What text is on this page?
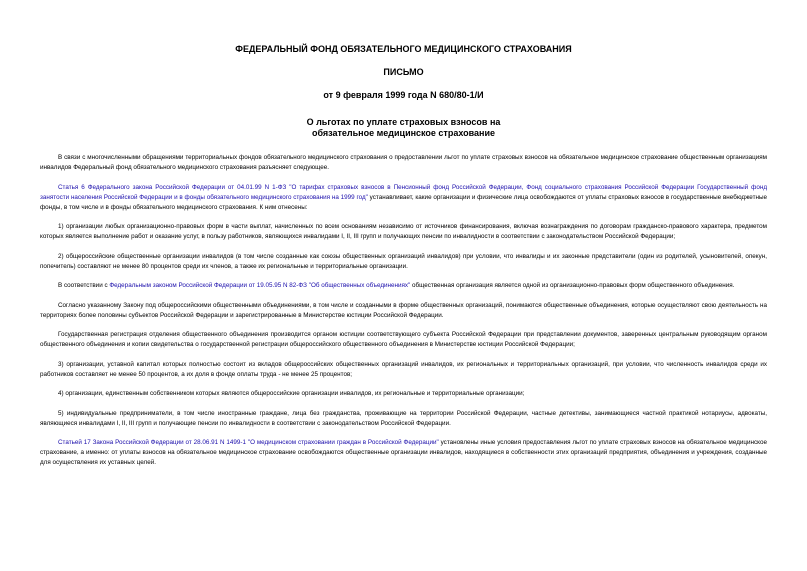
ФЕДЕРАЛЬНЫЙ ФОНД ОБЯЗАТЕЛЬНОГО МЕДИЦИНСКОГО СТРАХОВАНИЯ
ПИСЬМО
от 9 февраля 1999 года N 680/80-1/И
О льготах по уплате страховых взносов на обязательное медицинское страхование

В связи с многочисленными обращениями территориальных фондов обязательного медицинского страхования о предоставлении льгот по уплате страховых взносов на обязательное медицинское страхование общественным организациям инвалидов Федеральный фонд обязательного медицинского страхования разъясняет следующее.

Статья 6 Федерального закона Российской Федерации от 04.01.99 N 1-ФЗ "О тарифах страховых взносов в Пенсионный фонд Российской Федерации, Фонд социального страхования Российской Федерации Государственный фонд занятости населения Российской Федерации и в фонды обязательного медицинского страхования на 1999 год" устанавливает, какие организации и физические лица освобождаются от уплаты страховых взносов в государственные внебюджетные фонды, в том числе и в фонды обязательного медицинского страхования. К ним отнесены:

1) организации любых организационно-правовых форм в части выплат, начисленных по всем основаниям независимо от источников финансирования, включая вознаграждения по договорам гражданско-правового характера, предметом которых является выполнение работ и оказание услуг, в пользу работников, являющихся инвалидами I, II, III групп и получающих пенсии по инвалидности в соответствии с законодательством Российской Федерации;

2) общероссийские общественные организации инвалидов (в том числе созданные как союзы общественных организаций инвалидов) при условии, что инвалиды и их законные представители (один из родителей, усыновителей, опекун, попечитель) составляют не менее 80 процентов среди их членов, а также их региональные и территориальные организации.

В соответствии с Федеральным законом Российской Федерации от 19.05.95 N 82-ФЗ "Об общественных объединениях" общественная организация является одной из организационно-правовых форм общественного объединения.

Согласно указанному Закону под общероссийскими общественными объединениями, в том числе и созданными в форме общественных организаций, понимаются общественные объединения, которые осуществляют свою деятельность на территориях более половины субъектов Российской Федерации и зарегистрированные в Министерстве юстиции Российской Федерации.

Государственная регистрация отделения общественного объединения производится органом юстиции соответствующего субъекта Российской Федерации при представлении документов, заверенных центральным руководящим органом общественного объединения и копии свидетельства о государственной регистрации общероссийского общественного объединения в Министерстве юстиции Российской Федерации;

3) организации, уставной капитал которых полностью состоит из вкладов общероссийских общественных организаций инвалидов, их региональных и территориальных организаций, при условии, что численность инвалидов среди их работников составляет не менее 50 процентов, а их доля в фонде оплаты труда - не менее 25 процентов;

4) организации, единственным собственником которых являются общероссийские организации инвалидов, их региональные и территориальные организации;

5) индивидуальные предприниматели, в том числе иностранные граждане, лица без гражданства, проживающие на территории Российской Федерации, частные детективы, занимающиеся частной практикой нотариусы, адвокаты, являющиеся инвалидами I, II, III групп и получающие пенсии по инвалидности в соответствии с законодательством Российской Федерации.

Статьей 17 Закона Российской Федерации от 28.06.91 N 1499-1 "О медицинском страховании граждан в Российской Федерации" установлены иные условия предоставления льгот по уплате страховых взносов на обязательное медицинское страхование, а именно: от уплаты взносов на обязательное медицинское страхование освобождаются общественные организации инвалидов, находящиеся в собственности этих организаций предприятия, объединения и учреждения, созданные для осуществления их уставных целей.
